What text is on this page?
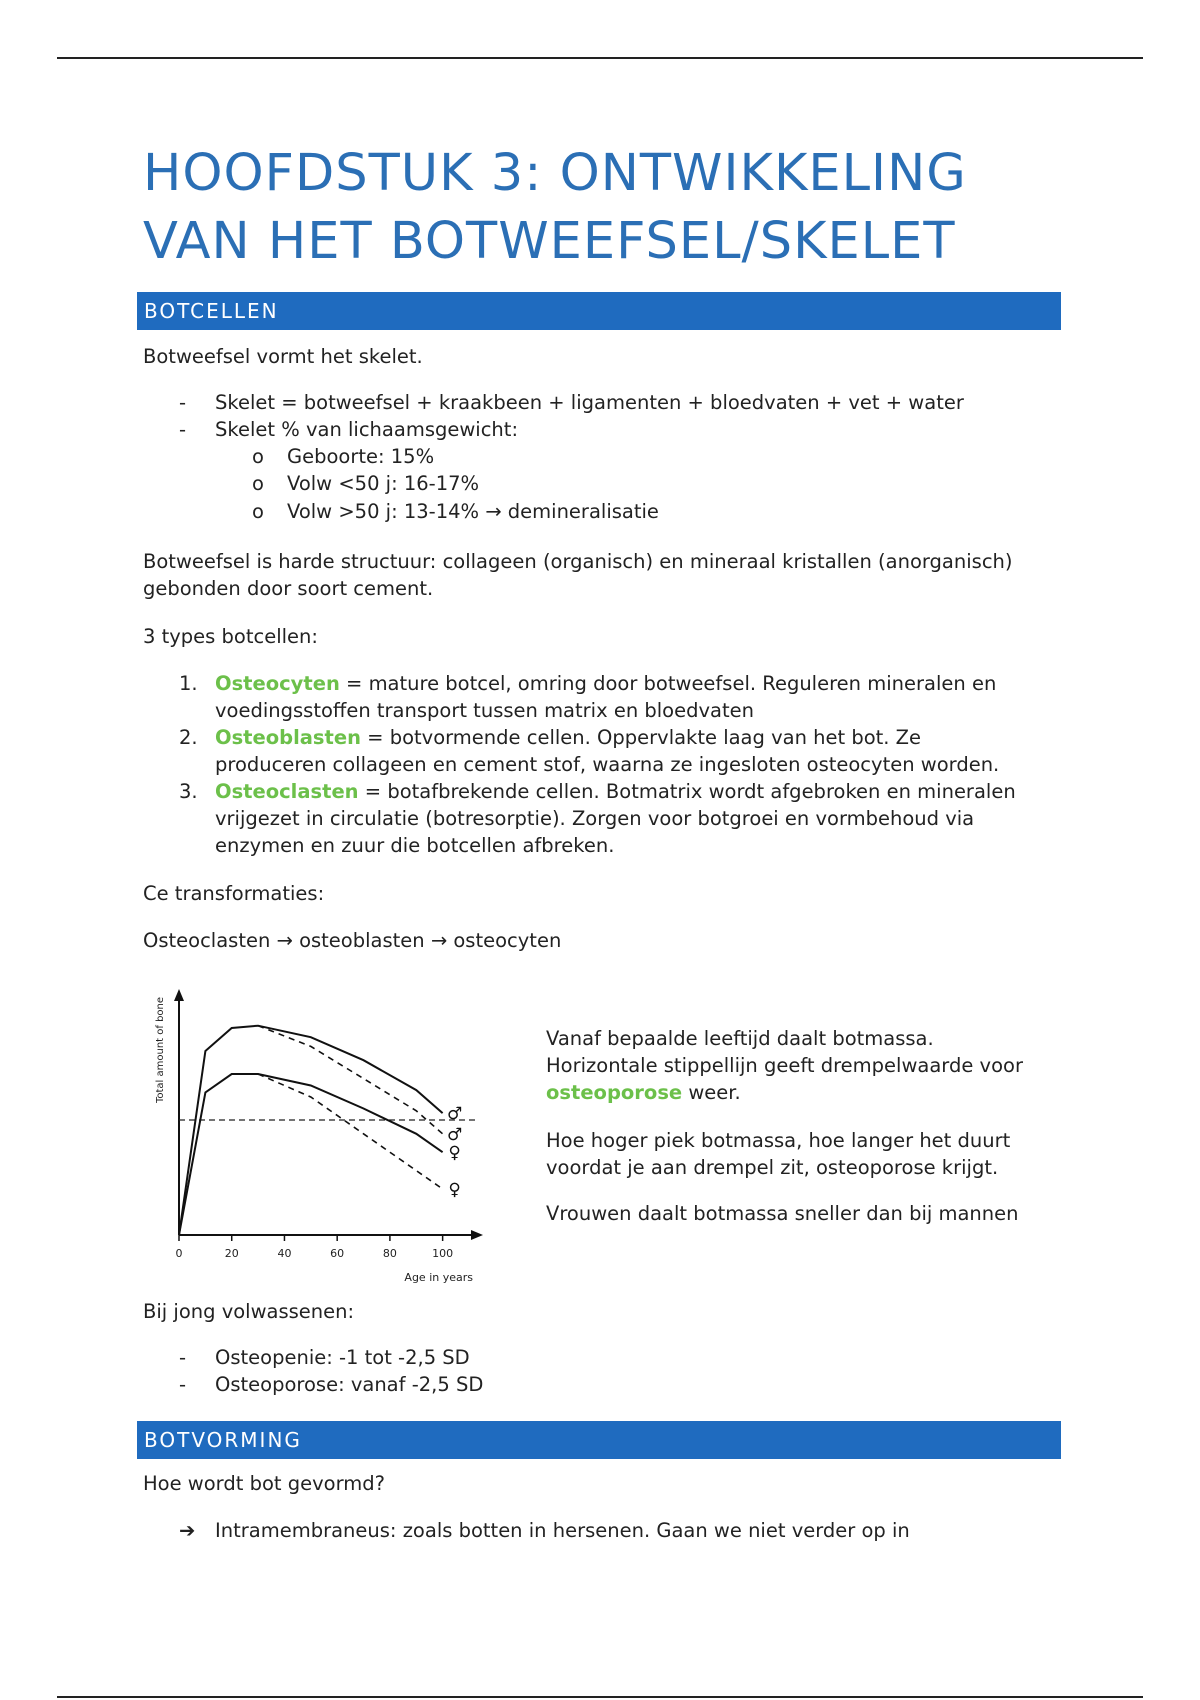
HOOFDSTUK 3: ONTWIKKELING VAN HET BOTWEEFSEL/SKELET
BOTCELLEN
Botweefsel vormt het skelet.
- Skelet = botweefsel + kraakbeen + ligamenten + bloedvaten + vet + water
- Skelet % van lichaamsgewicht:
o Geboorte: 15%
o Volw <50 j: 16-17%
o Volw >50 j: 13-14% → demineralisatie
Botweefsel is harde structuur: collageen (organisch) en mineraal kristallen (anorganisch) gebonden door soort cement.
3 types botcellen:
1. Osteocyten = mature botcel, omring door botweefsel. Reguleren mineralen en
voedingsstoffen transport tussen matrix en bloedvaten
2. Osteoblasten = botvormende cellen. Oppervlakte laag van het bot. Ze
produceren collageen en cement stof, waarna ze ingesloten osteocyten worden.
3. Osteoclasten = botafbrekende cellen. Botmatrix wordt afgebroken en mineralen
vrijgezet in circulatie (botresorptie). Zorgen voor botgroei en vormbehoud via
enzymen en zuur die botcellen afbreken.
Ce transformaties:
Osteoclasten → osteoblasten → osteocyten
Vanaf bepaalde leeftijd daalt botmassa.
Horizontale stippellijn geeft drempelwaarde voor
osteoporose weer.
Hoe hoger piek botmassa, hoe langer het duurt
voordat je aan drempel zit, osteoporose krijgt.
Vrouwen daalt botmassa sneller dan bij mannen
Bij jong volwassenen:
- Osteopenie: -1 tot -2,5 SD
- Osteoporose: vanaf -2,5 SD
BOTVORMING
Hoe wordt bot gevormd?
➔ Intramembraneus: zoals botten in hersenen. Gaan we niet verder op in
0	20	40	60	80	100
♂
♂
♀
♀
Age in years
Total amount of bone
